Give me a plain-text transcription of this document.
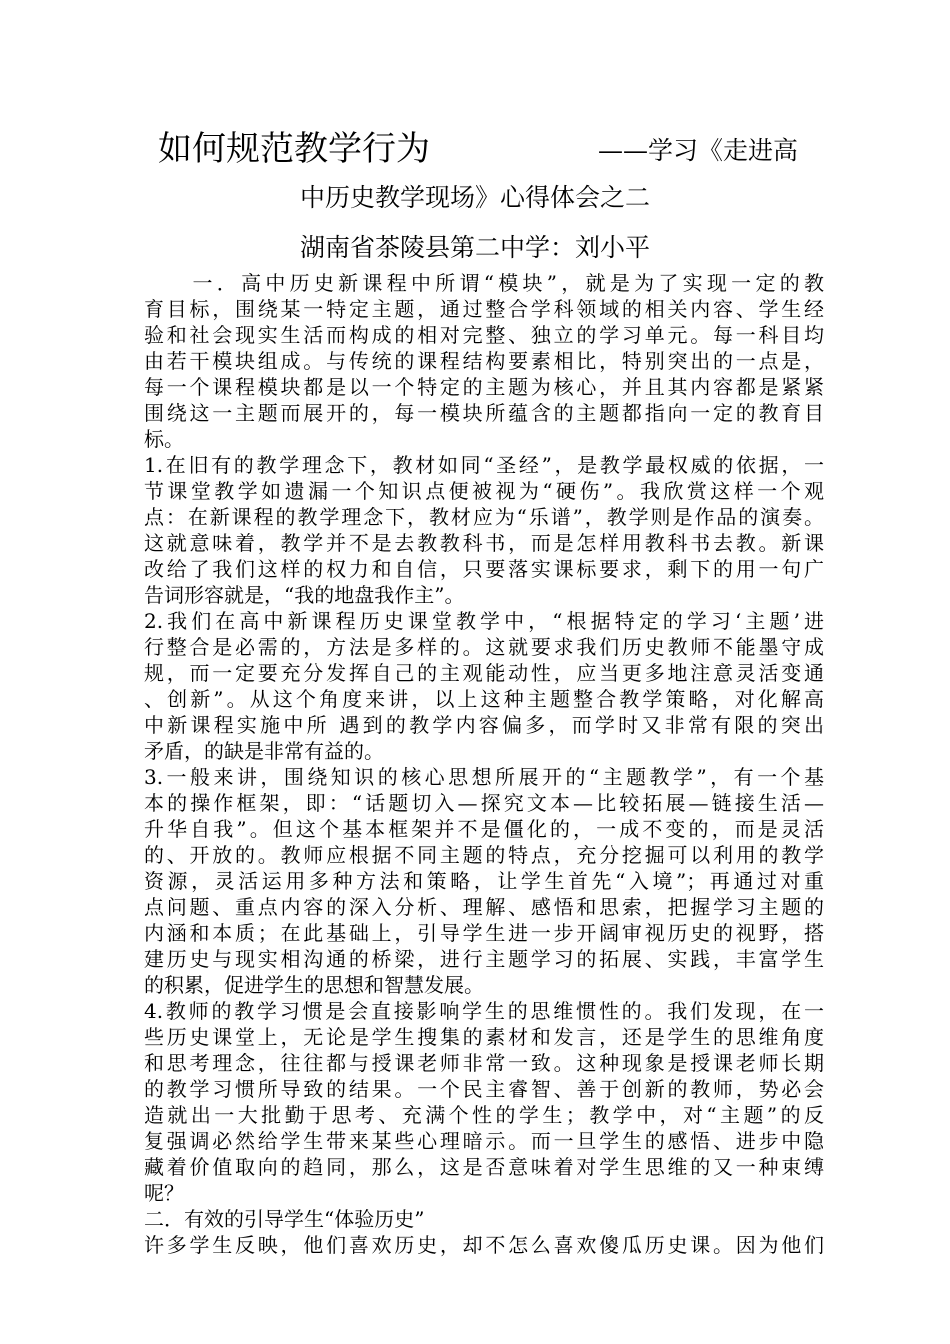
如何规范教学行为	——学习《走进高
中历史教学现场》心得体会之二
湖南省茶陵县第二中学：刘小平
　　一．高中历史新课程中所谓“模块”，就是为了实现一定的教
育目标，围绕某一特定主题，通过整合学科领域的相关内容、学生经
验和社会现实生活而构成的相对完整、独立的学习单元。每一科目均
由若干模块组成。与传统的课程结构要素相比，特别突出的一点是，
每一个课程模块都是以一个特定的主题为核心，并且其内容都是紧紧
围绕这一主题而展开的，每一模块所蕴含的主题都指向一定的教育目
标。
1.在旧有的教学理念下，教材如同“圣经”，是教学最权威的依据，一
节课堂教学如遗漏一个知识点便被视为“硬伤”。我欣赏这样一个观
点：在新课程的教学理念下，教材应为“乐谱”，教学则是作品的演奏。
这就意味着，教学并不是去教教科书，而是怎样用教科书去教。新课
改给了我们这样的权力和自信，只要落实课标要求，剩下的用一句广
告词形容就是，“我的地盘我作主”。
2.我们在高中新课程历史课堂教学中，“根据特定的学习‘主题’进
行整合是必需的，方法是多样的。这就要求我们历史教师不能墨守成
规，而一定要充分发挥自己的主观能动性，应当更多地注意灵活变通
、创新”。从这个角度来讲，以上这种主题整合教学策略，对化解高
中新课程实施中所 遇到的教学内容偏多，而学时又非常有限的突出
矛盾，的缺是非常有益的。
3.一般来讲，围绕知识的核心思想所展开的“主题教学”，有一个基
本的操作框架，即：“话题切入—探究文本—比较拓展—链接生活—
升华自我”。但这个基本框架并不是僵化的，一成不变的，而是灵活
的、开放的。教师应根据不同主题的特点，充分挖掘可以利用的教学
资源，灵活运用多种方法和策略，让学生首先“入境”；再通过对重
点问题、重点内容的深入分析、理解、感悟和思索，把握学习主题的
内涵和本质；在此基础上，引导学生进一步开阔审视历史的视野，搭
建历史与现实相沟通的桥梁，进行主题学习的拓展、实践，丰富学生
的积累，促进学生的思想和智慧发展。
4.教师的教学习惯是会直接影响学生的思维惯性的。我们发现，在一
些历史课堂上，无论是学生搜集的素材和发言，还是学生的思维角度
和思考理念，往往都与授课老师非常一致。这种现象是授课老师长期
的教学习惯所导致的结果。一个民主睿智、善于创新的教师，势必会
造就出一大批勤于思考、充满个性的学生；教学中，对“主题”的反
复强调必然给学生带来某些心理暗示。而一旦学生的感悟、进步中隐
藏着价值取向的趋同，那么，这是否意味着对学生思维的又一种束缚
呢？
二．有效的引导学生“体验历史”
许多学生反映，他们喜欢历史，却不怎么喜欢傻瓜历史课。因为他们
